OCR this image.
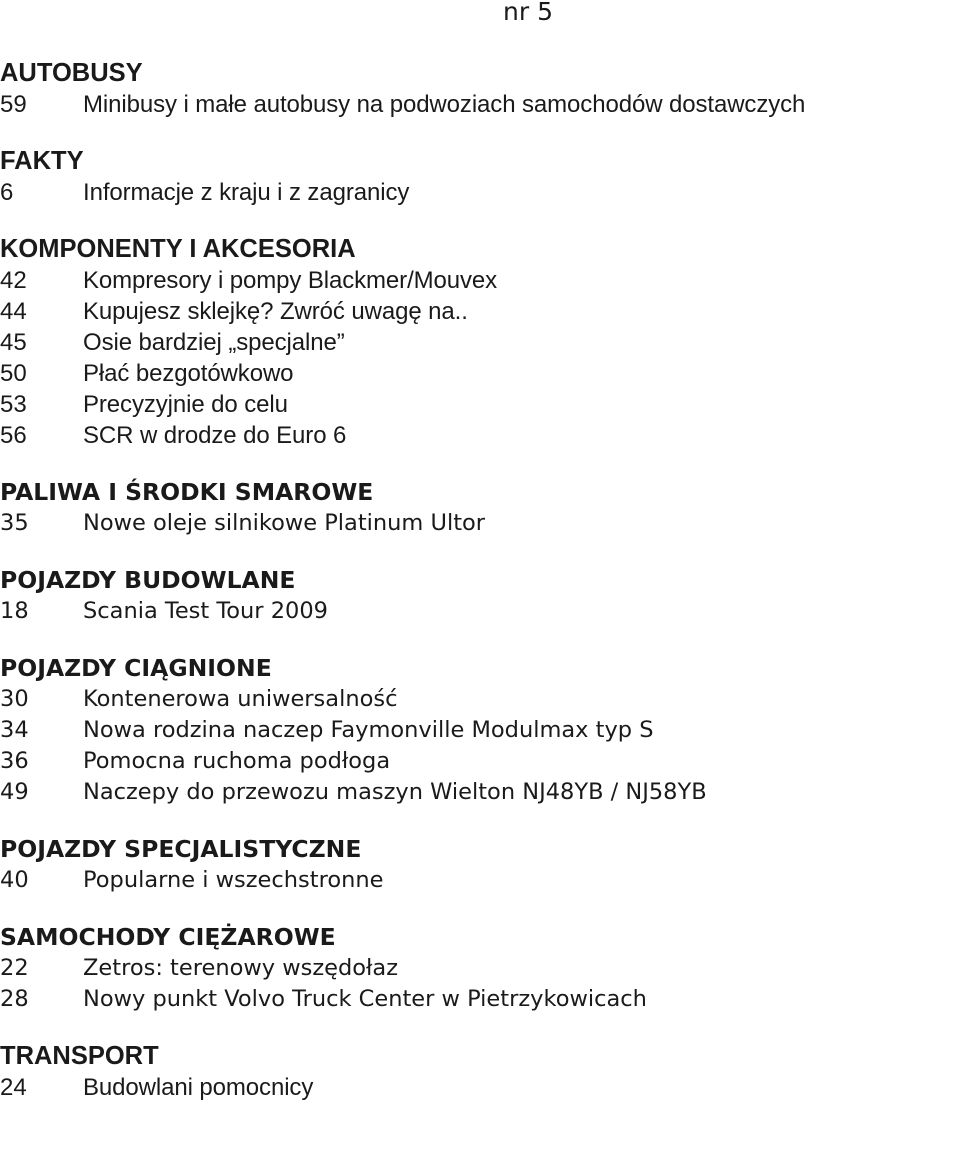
nr 5
AUTOBUSY
59	Minibusy i małe autobusy na podwoziach samochodów dostawczych
FAKTY
6	Informacje z kraju i z zagranicy
KOMPONENTY I AKCESORIA
42	Kompresory i pompy Blackmer/Mouvex
44	Kupujesz sklejkę? Zwróć uwagę na..
45	Osie bardziej „specjalne”
50	Płać bezgotówkowo
53	Precyzyjnie do celu
56	SCR w drodze do Euro 6
PALIWA I ŚRODKI SMAROWE
35	Nowe oleje silnikowe Platinum Ultor
POJAZDY BUDOWLANE
18	Scania Test Tour 2009
POJAZDY CIĄGNIONE
30	Kontenerowa uniwersalność
34	Nowa rodzina naczep Faymonville Modulmax typ S
36	Pomocna ruchoma podłoga
49	Naczepy do przewozu maszyn Wielton NJ48YB / NJ58YB
POJAZDY SPECJALISTYCZNE
40	Popularne i wszechstronne
SAMOCHODY CIĘŻAROWE
22	Zetros: terenowy wszędołaz
28	Nowy punkt Volvo Truck Center w Pietrzykowicach
TRANSPORT
24	Budowlani pomocnicy
